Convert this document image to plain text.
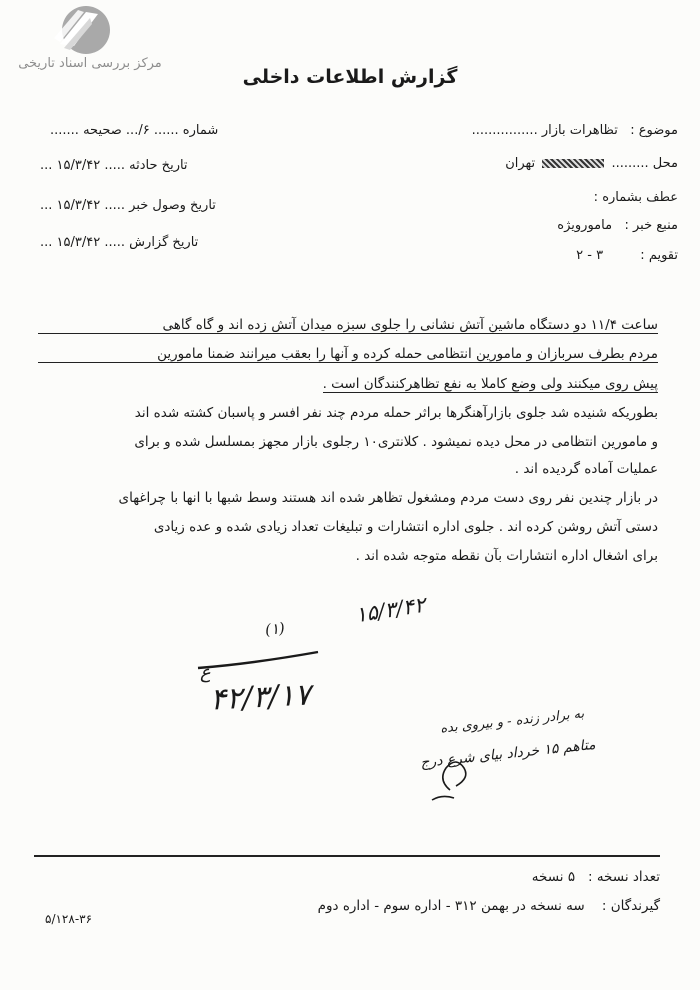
مرکز بررسی اسناد تاریخی
گزارش اطلاعات داخلی
موضوع :   تظاهرات بازار ................
محل .........  تهران
عطف بشماره :
منبع خبر :   مامورویژه
تقویم :         ۳ - ۲
شماره ...... ۶/... صحیحه .......
تاریخ حادثه ..... ۱۵/۳/۴۲ ...
تاریخ وصول خبر ..... ۱۵/۳/۴۲ ...
تاریخ گزارش ..... ۱۵/۳/۴۲ ...
ساعت ۱۱/۴ دو دستگاه ماشین آتش نشانی را جلوی سبزه میدان آتش زده اند و گاه گاهی
مردم بطرف سربازان و مامورین انتظامی حمله کرده و آنها را بعقب میرانند ضمنا مامورین
پیش روی میکنند ولی وضع کاملا به نفع تظاهرکنندگان است .
بطوریکه شنیده شد جلوی بازارآهنگرها براثر حمله مردم چند نفر افسر و پاسبان کشته شده اند
و مامورین انتظامی در محل دیده نمیشود . کلانتری۱۰ رجلوی بازار مجهز بمسلسل شده و برای
عملیات آماده گردیده اند .
در بازار چندین نفر روی دست مردم ومشغول تظاهر شده اند هستند وسط شبها با انها با چراغهای
دستی آتش روشن کرده اند . جلوی اداره انتشارات و تبلیغات تعداد زیادی شده و عده زیادی
برای اشغال اداره انتشارات بآن نقطه متوجه شده اند .
۱۵/۳/۴۲
(۱)
ع
۴۲/۳/۱۷
به برادر زنده - و بیروی بده
متاهم ۱۵ خرداد بیای شرع درج
تعداد نسخه :   ۵ نسخه
گیرندگان :    سه نسخه در بهمن ۳۱۲ - اداره سوم - اداره دوم
۵/۱۲۸-۳۶
